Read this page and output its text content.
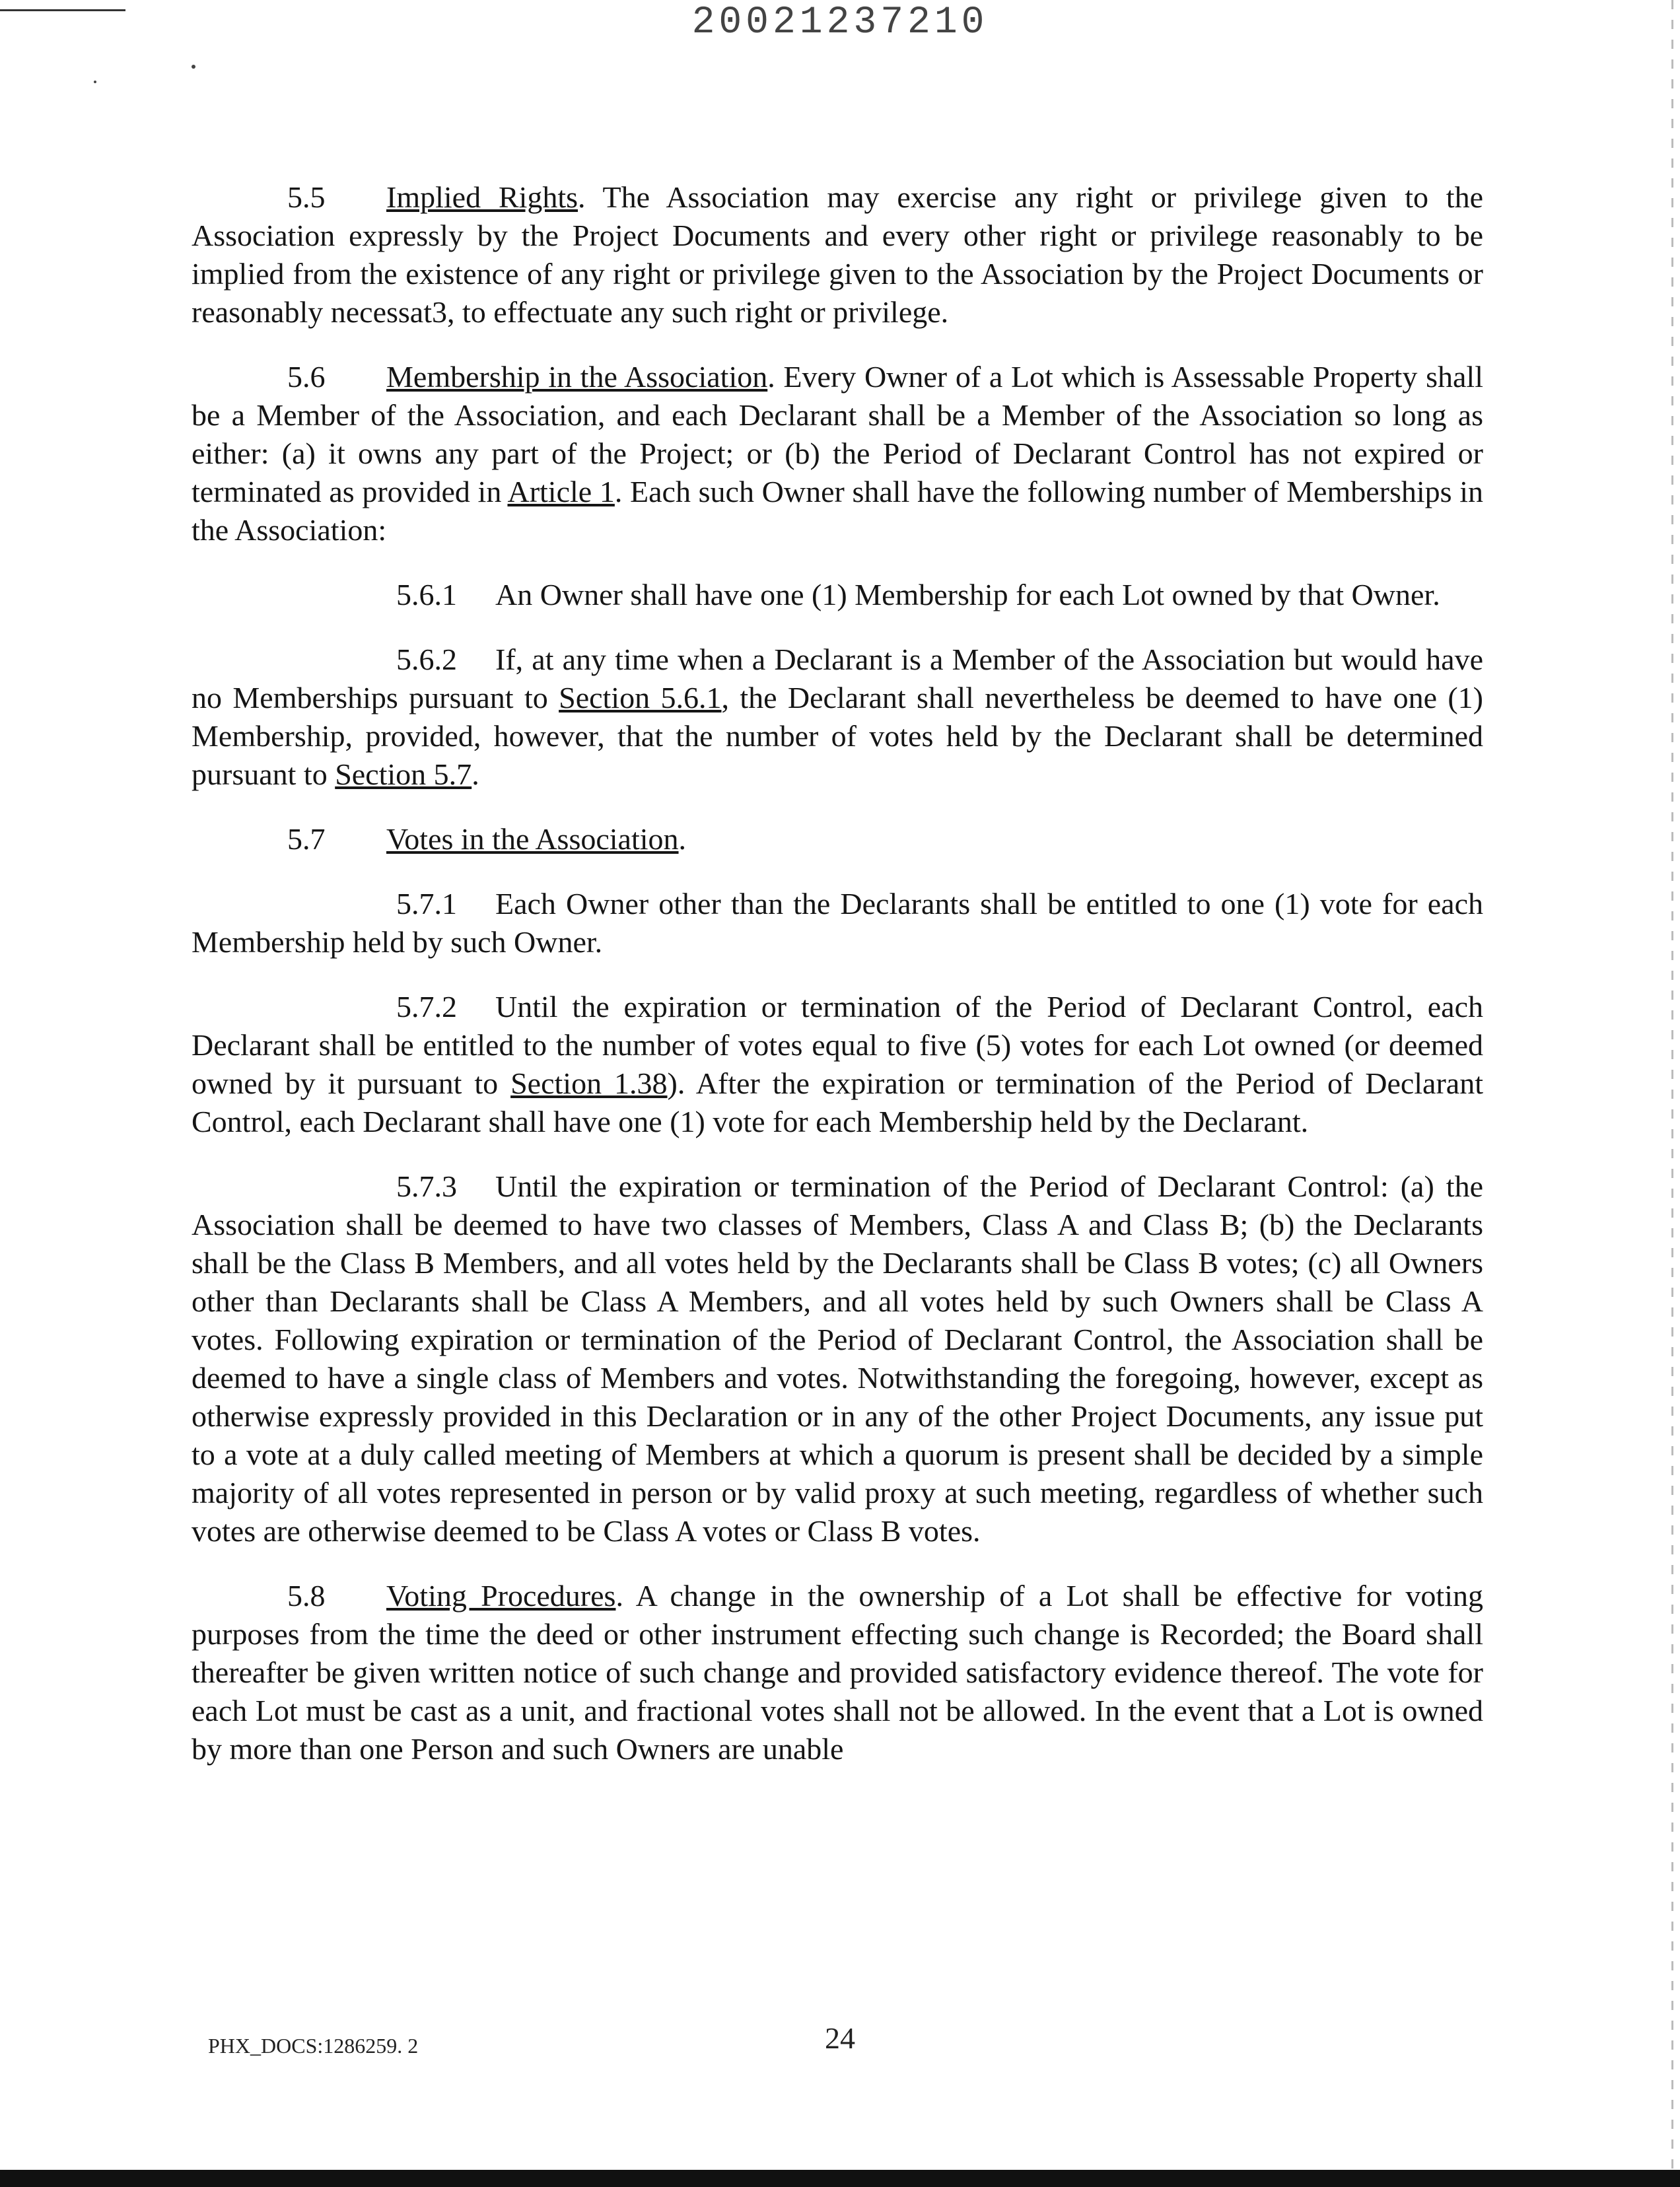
20021237210

5.5 Implied Rights. The Association may exercise any right or privilege given to the Association expressly by the Project Documents and every other right or privilege reasonably to be implied from the existence of any right or privilege given to the Association by the Project Documents or reasonably necessat3, to effectuate any such right or privilege.

5.6 Membership in the Association. Every Owner of a Lot which is Assessable Property shall be a Member of the Association, and each Declarant shall be a Member of the Association so long as either: (a) it owns any part of the Project; or (b) the Period of Declarant Control has not expired or terminated as provided in Article 1. Each such Owner shall have the following number of Memberships in the Association:

5.6.1 An Owner shall have one (1) Membership for each Lot owned by that Owner.

5.6.2 If, at any time when a Declarant is a Member of the Association but would have no Memberships pursuant to Section 5.6.1, the Declarant shall nevertheless be deemed to have one (1) Membership, provided, however, that the number of votes held by the Declarant shall be determined pursuant to Section 5.7.

5.7 Votes in the Association.

5.7.1 Each Owner other than the Declarants shall be entitled to one (1) vote for each Membership held by such Owner.

5.7.2 Until the expiration or termination of the Period of Declarant Control, each Declarant shall be entitled to the number of votes equal to five (5) votes for each Lot owned (or deemed owned by it pursuant to Section 1.38). After the expiration or termination of the Period of Declarant Control, each Declarant shall have one (1) vote for each Membership held by the Declarant.

5.7.3 Until the expiration or termination of the Period of Declarant Control: (a) the Association shall be deemed to have two classes of Members, Class A and Class B; (b) the Declarants shall be the Class B Members, and all votes held by the Declarants shall be Class B votes; (c) all Owners other than Declarants shall be Class A Members, and all votes held by such Owners shall be Class A votes. Following expiration or termination of the Period of Declarant Control, the Association shall be deemed to have a single class of Members and votes. Notwithstanding the foregoing, however, except as otherwise expressly provided in this Declaration or in any of the other Project Documents, any issue put to a vote at a duly called meeting of Members at which a quorum is present shall be decided by a simple majority of all votes represented in person or by valid proxy at such meeting, regardless of whether such votes are otherwise deemed to be Class A votes or Class B votes.

5.8 Voting Procedures. A change in the ownership of a Lot shall be effective for voting purposes from the time the deed or other instrument effecting such change is Recorded; the Board shall thereafter be given written notice of such change and provided satisfactory evidence thereof. The vote for each Lot must be cast as a unit, and fractional votes shall not be allowed. In the event that a Lot is owned by more than one Person and such Owners are unable

PHX_DOCS:1286259. 2	24
